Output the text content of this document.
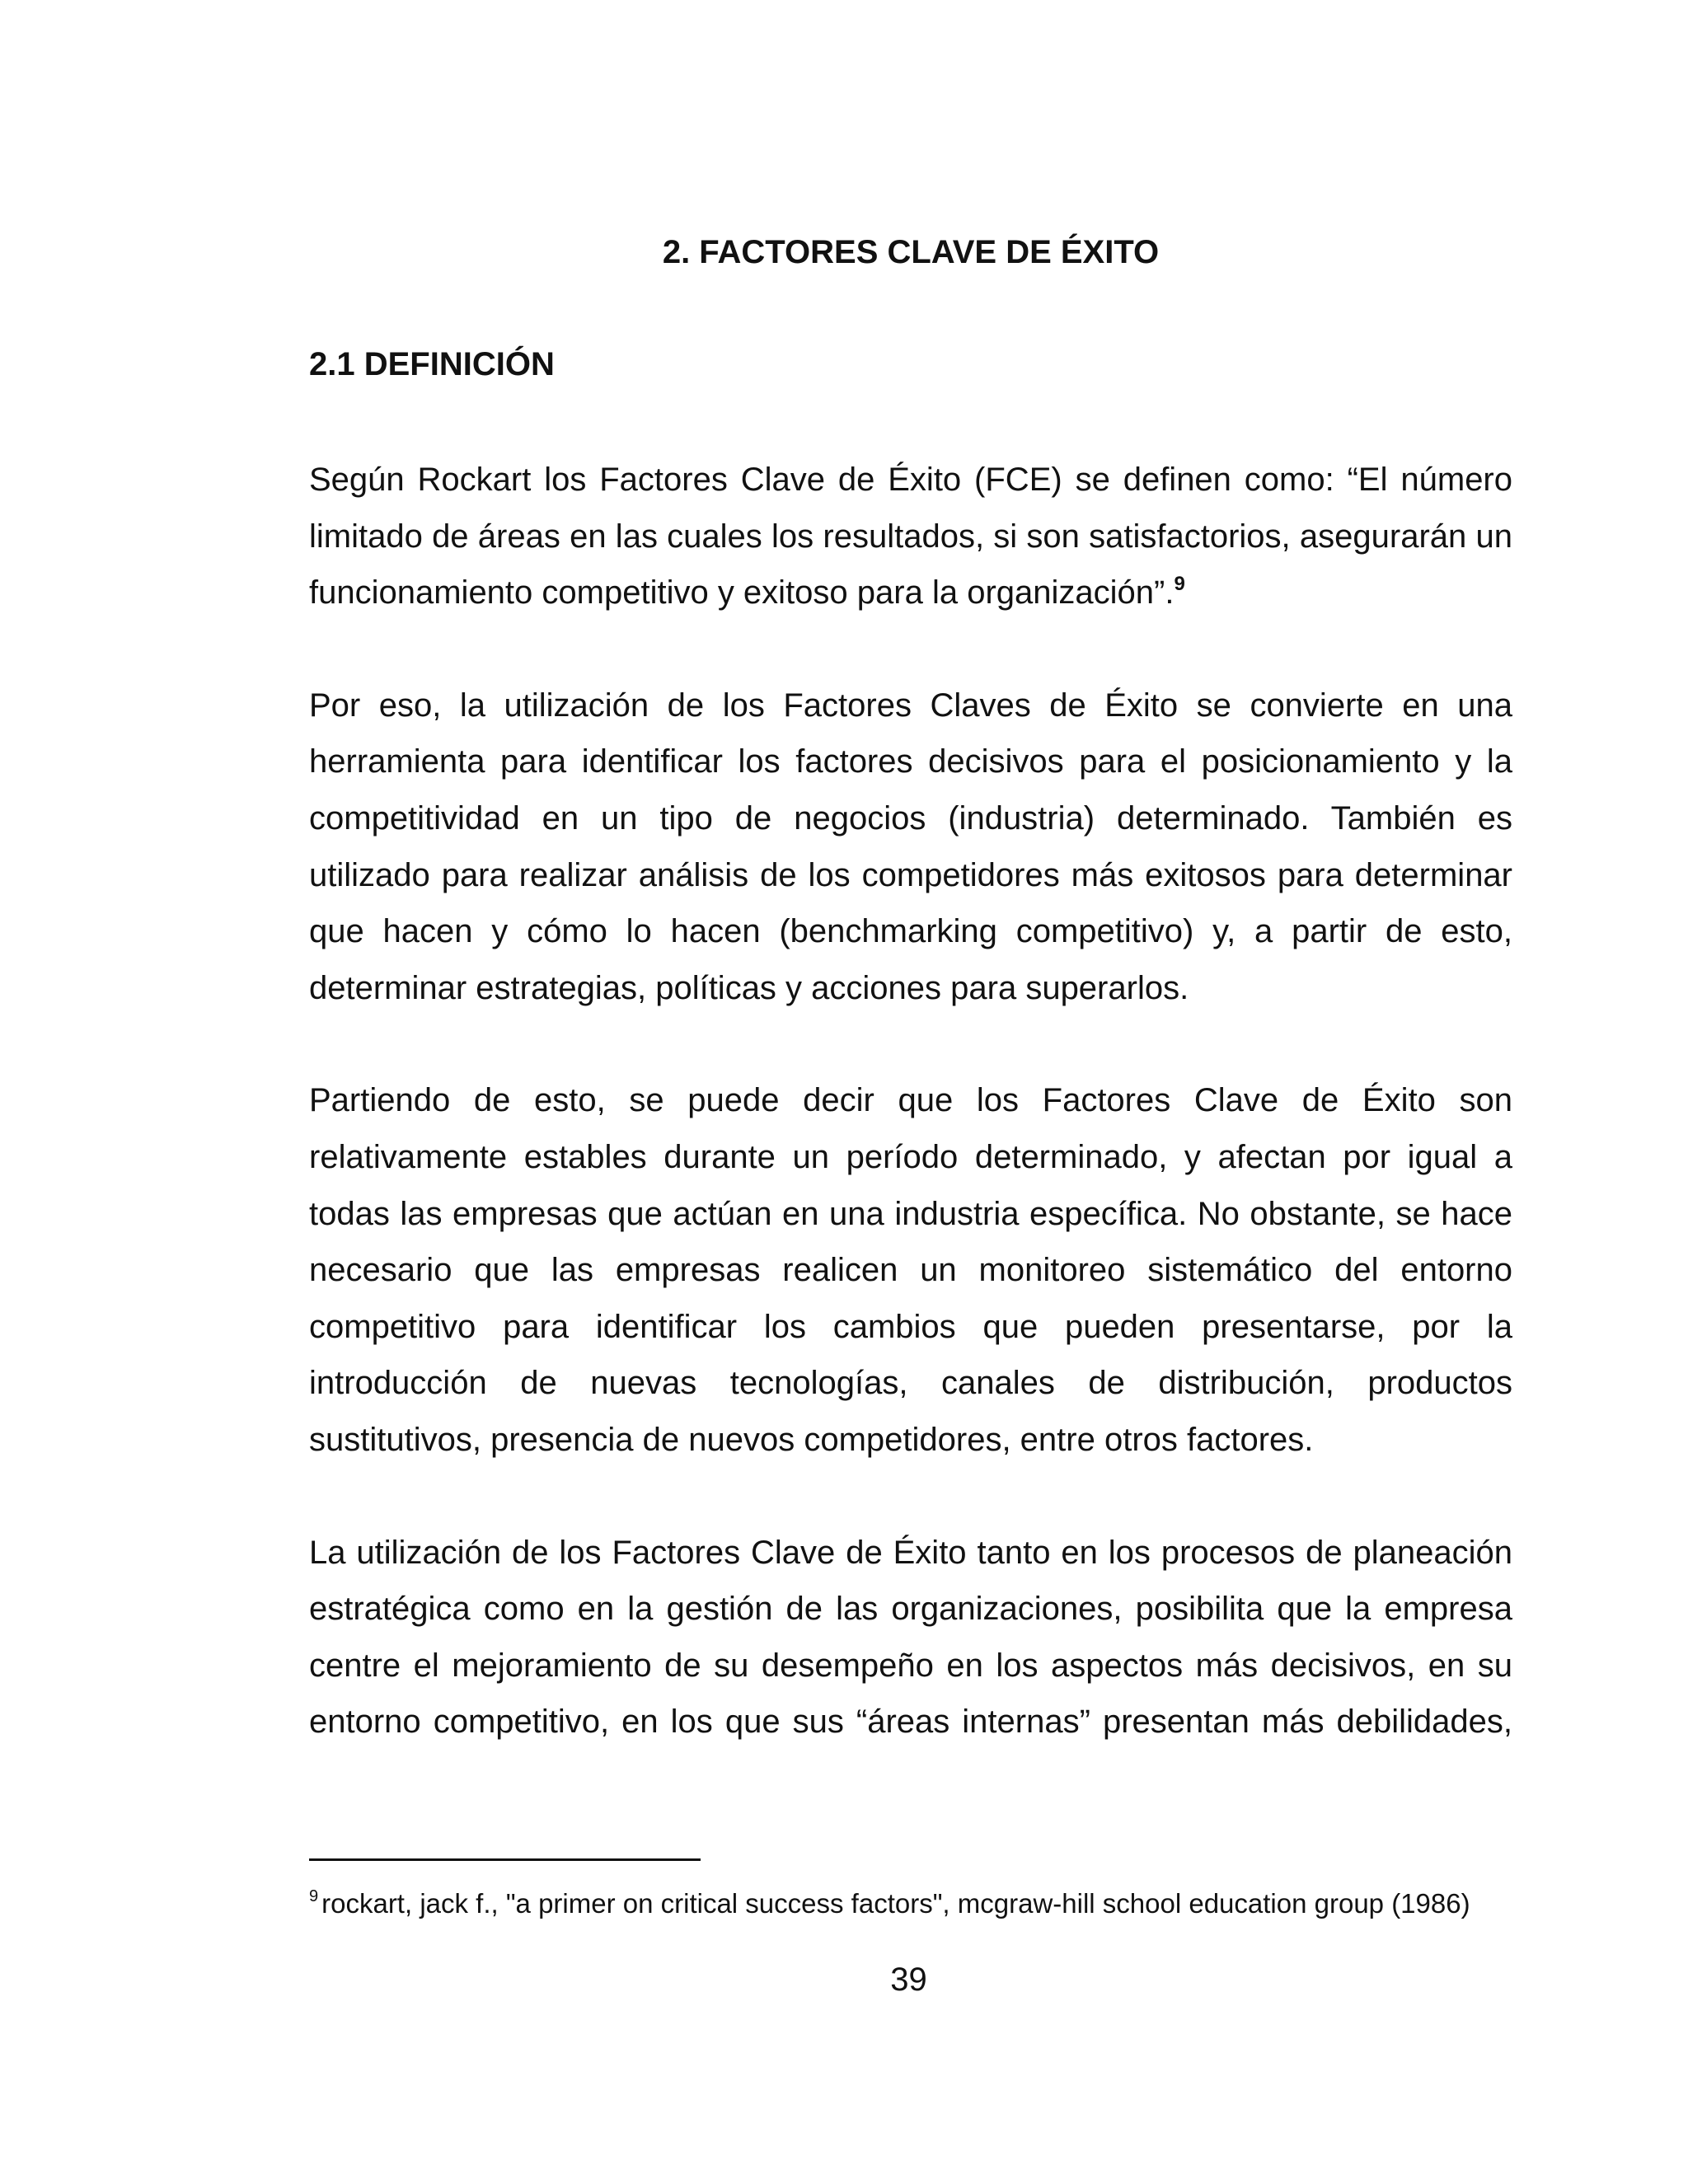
2. FACTORES CLAVE DE ÉXITO
2.1 DEFINICIÓN

Según Rockart los Factores Clave de Éxito (FCE) se definen como: “El número limitado de áreas en las cuales los resultados, si son satisfactorios, asegurarán un funcionamiento competitivo y exitoso para la organización”.$^9$

Por eso, la utilización de los Factores Claves de Éxito se convierte en una herramienta para identificar los factores decisivos para el posicionamiento y la competitividad en un tipo de negocios (industria) determinado. También es utilizado para realizar análisis de los competidores más exitosos para determinar que hacen y cómo lo hacen (benchmarking competitivo) y, a partir de esto, determinar estrategias, políticas y acciones para superarlos.

Partiendo de esto, se puede decir que los Factores Clave de Éxito son relativamente estables durante un período determinado, y afectan por igual a todas las empresas que actúan en una industria específica. No obstante, se hace necesario que las empresas realicen un monitoreo sistemático del entorno competitivo para identificar los cambios que pueden presentarse, por la introducción de nuevas tecnologías, canales de distribución, productos sustitutivos, presencia de nuevos competidores, entre otros factores.

La utilización de los Factores Clave de Éxito tanto en los procesos de planeación estratégica como en la gestión de las organizaciones, posibilita que la empresa centre el mejoramiento de su desempeño en los aspectos más decisivos, en su entorno competitivo, en los que sus “áreas internas” presentan más debilidades,

$^9$ rockart, jack f., "a primer on critical success factors", mcgraw-hill school education group (1986)

39
